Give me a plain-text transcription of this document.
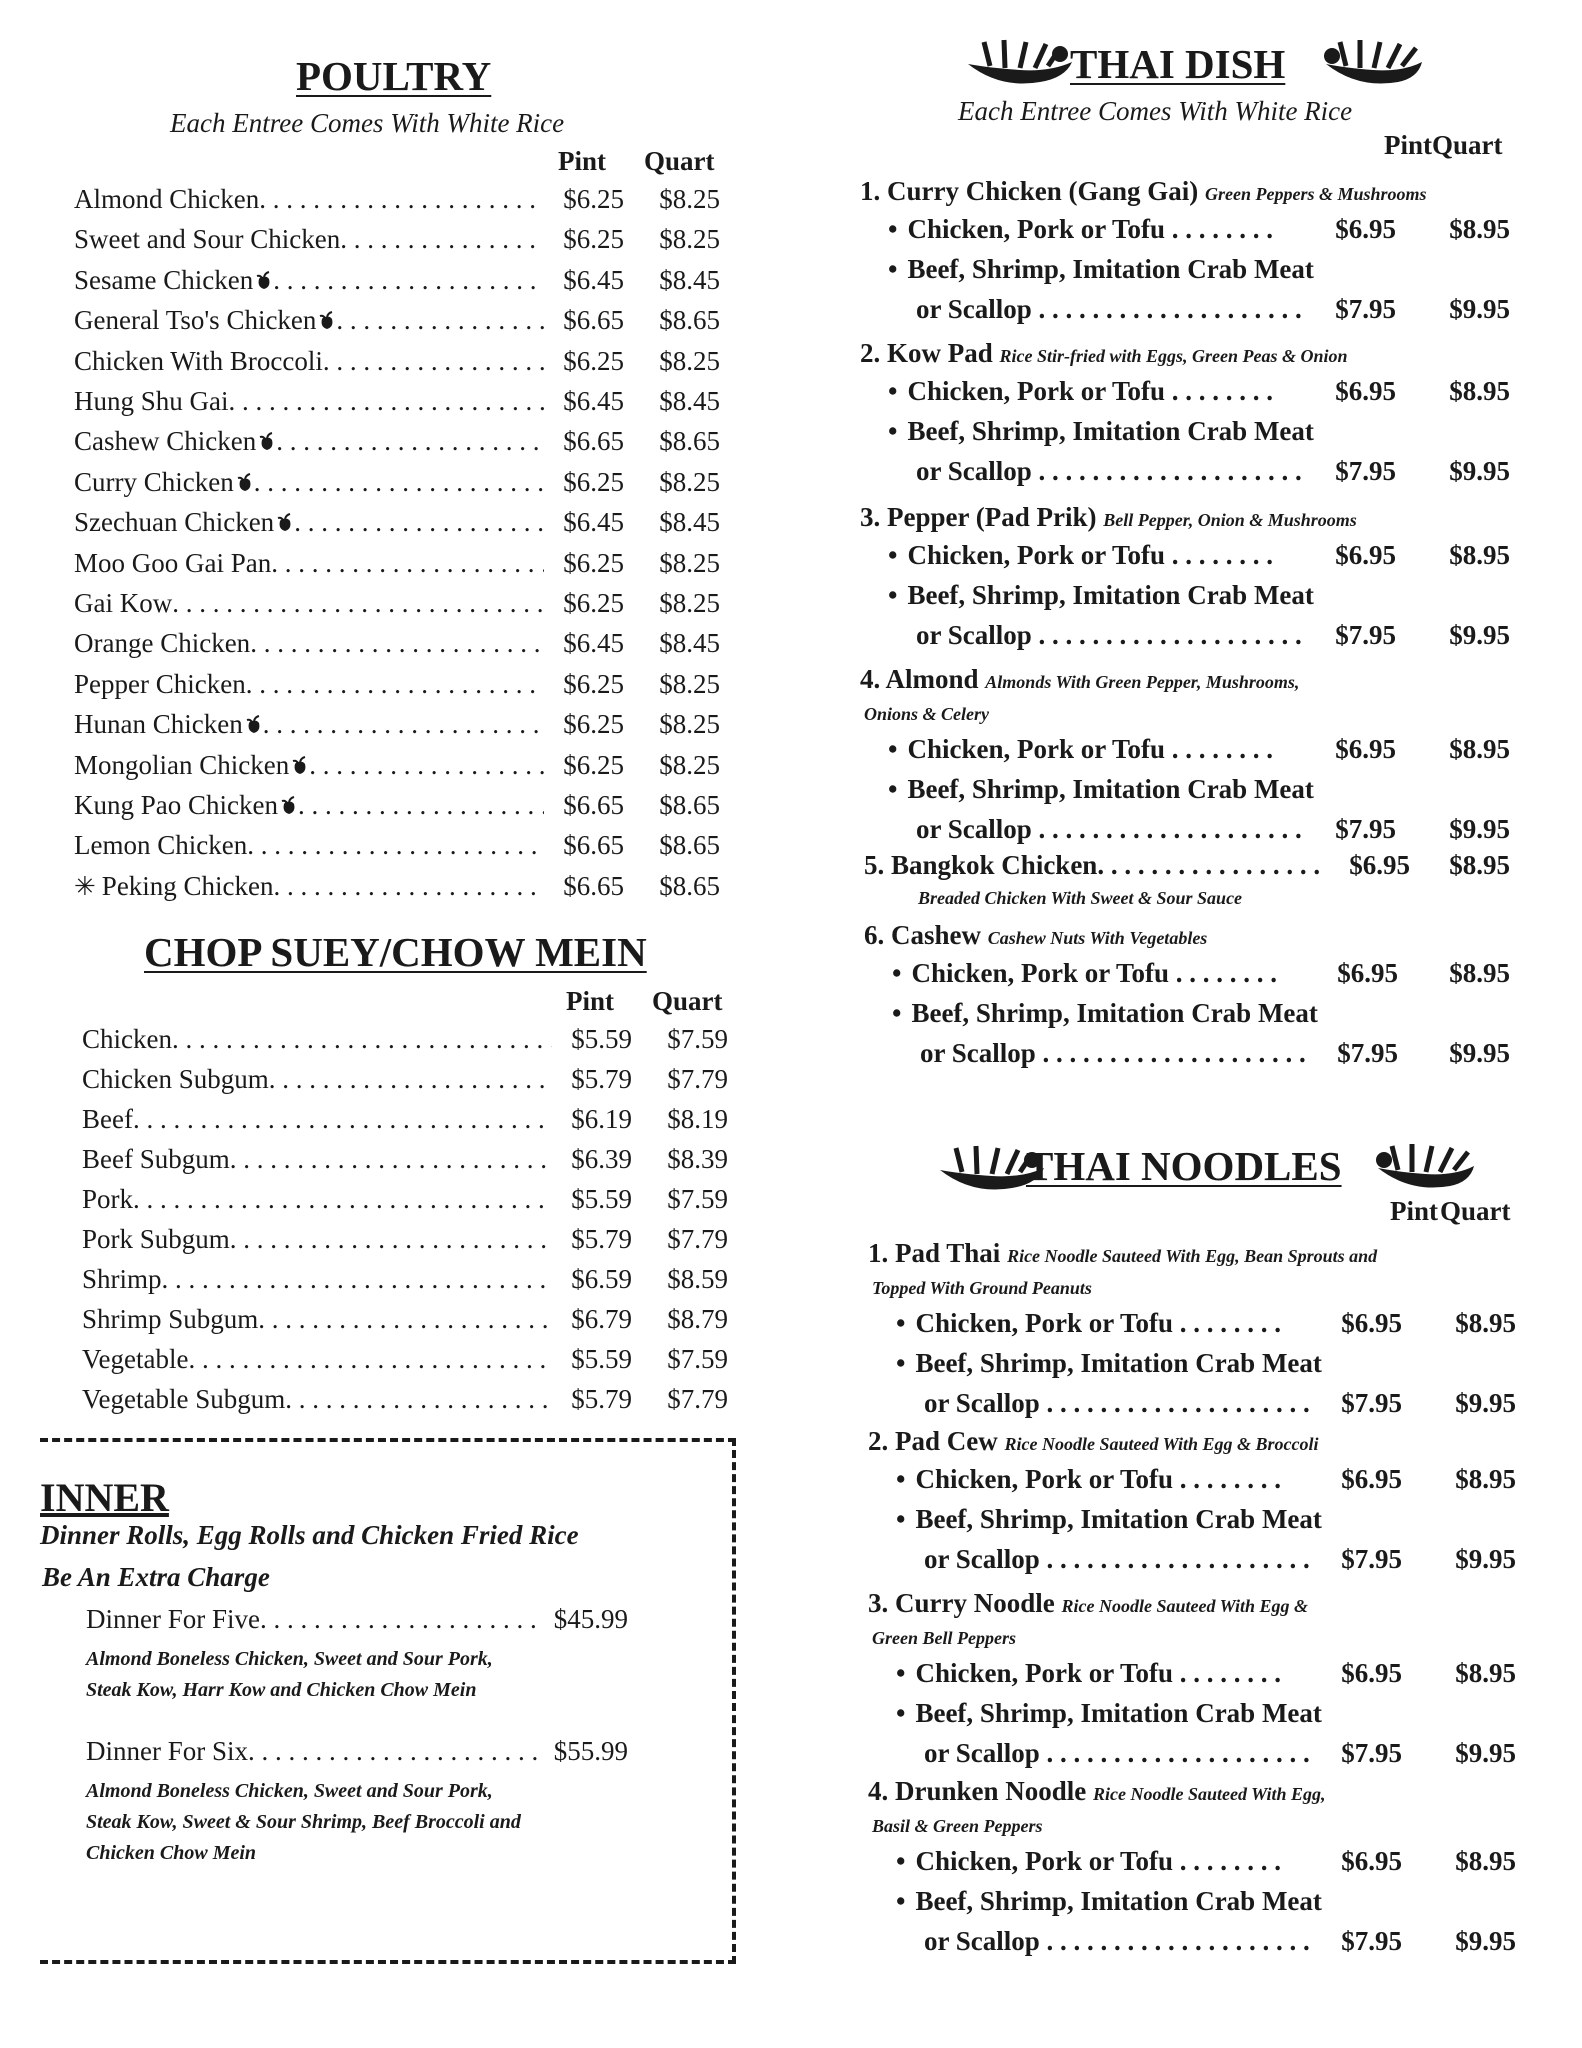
POULTRY
Each Entree Comes With White Rice
Pint Quart
Almond Chicken . . .	$6.25	$8.25
Sweet and Sour Chicken . . .	$6.25	$8.25
Sesame Chicken . . .	$6.45	$8.45
General Tso's Chicken . . .	$6.65	$8.65
Chicken With Broccoli . . .	$6.25	$8.25
Hung Shu Gai . . .	$6.45	$8.45
Cashew Chicken . . .	$6.65	$8.65
Curry Chicken . . .	$6.25	$8.25
Szechuan Chicken . . .	$6.45	$8.45
Moo Goo Gai Pan . . .	$6.25	$8.25
Gai Kow . . .	$6.25	$8.25
Orange Chicken . . .	$6.45	$8.45
Pepper Chicken . . .	$6.25	$8.25
Hunan Chicken . . .	$6.25	$8.25
Mongolian Chicken . . .	$6.25	$8.25
Kung Pao Chicken . . .	$6.65	$8.65
Lemon Chicken . . .	$6.65	$8.65
✳ Peking Chicken . . .	$6.65	$8.65
CHOP SUEY/CHOW MEIN
Pint Quart
Chicken . . .	$5.59	$7.59
Chicken Subgum . . .	$5.79	$7.79
Beef . . .	$6.19	$8.19
Beef Subgum . . .	$6.39	$8.39
Pork . . .	$5.59	$7.59
Pork Subgum . . .	$5.79	$7.79
Shrimp . . .	$6.59	$8.59
Shrimp Subgum . . .	$6.79	$8.79
Vegetable . . .	$5.59	$7.59
Vegetable Subgum . . .	$5.79	$7.79
INNER
Dinner Rolls, Egg Rolls and Chicken Fried Rice
Be An Extra Charge
Dinner For Five . . .	$45.99
Almond Boneless Chicken, Sweet and Sour Pork,
Steak Kow, Harr Kow and Chicken Chow Mein
Dinner For Six . . .	$55.99
Almond Boneless Chicken, Sweet and Sour Pork,
Steak Kow, Sweet & Sour Shrimp, Beef Broccoli and
Chicken Chow Mein
THAI DISH
Each Entree Comes With White Rice
Pint Quart
1. Curry Chicken (Gang Gai) Green Peppers & Mushrooms
• Chicken, Pork or Tofu . . . . . . . .	$6.95	$8.95
• Beef, Shrimp, Imitation Crab Meat
or Scallop . . . . . . . . . . . . . . . . . . . .	$7.95	$9.95
2. Kow Pad Rice Stir-fried with Eggs, Green Peas & Onion
• Chicken, Pork or Tofu . . . . . . . .	$6.95	$8.95
• Beef, Shrimp, Imitation Crab Meat
or Scallop . . . . . . . . . . . . . . . . . . . .	$7.95	$9.95
3. Pepper (Pad Prik) Bell Pepper, Onion & Mushrooms
• Chicken, Pork or Tofu . . . . . . . .	$6.95	$8.95
• Beef, Shrimp, Imitation Crab Meat
or Scallop . . . . . . . . . . . . . . . . . . . .	$7.95	$9.95
4. Almond Almonds With Green Pepper, Mushrooms,
Onions & Celery
• Chicken, Pork or Tofu . . . . . . . .	$6.95	$8.95
• Beef, Shrimp, Imitation Crab Meat
or Scallop . . . . . . . . . . . . . . . . . . . .	$7.95	$9.95
5. Bangkok Chicken . . .	$6.95	$8.95
Breaded Chicken With Sweet & Sour Sauce
6. Cashew Cashew Nuts With Vegetables
• Chicken, Pork or Tofu . . . . . . . .	$6.95	$8.95
• Beef, Shrimp, Imitation Crab Meat
or Scallop . . . . . . . . . . . . . . . . . . . .	$7.95	$9.95
THAI NOODLES
Pint Quart
1. Pad Thai Rice Noodle Sauteed With Egg, Bean Sprouts and
Topped With Ground Peanuts
• Chicken, Pork or Tofu . . . . . . . .	$6.95	$8.95
• Beef, Shrimp, Imitation Crab Meat
or Scallop . . . . . . . . . . . . . . . . . . . .	$7.95	$9.95
2. Pad Cew Rice Noodle Sauteed With Egg & Broccoli
• Chicken, Pork or Tofu . . . . . . . .	$6.95	$8.95
• Beef, Shrimp, Imitation Crab Meat
or Scallop . . . . . . . . . . . . . . . . . . . .	$7.95	$9.95
3. Curry Noodle Rice Noodle Sauteed With Egg &
Green Bell Peppers
• Chicken, Pork or Tofu . . . . . . . .	$6.95	$8.95
• Beef, Shrimp, Imitation Crab Meat
or Scallop . . . . . . . . . . . . . . . . . . . .	$7.95	$9.95
4. Drunken Noodle Rice Noodle Sauteed With Egg,
Basil & Green Peppers
• Chicken, Pork or Tofu . . . . . . . .	$6.95	$8.95
• Beef, Shrimp, Imitation Crab Meat
or Scallop . . . . . . . . . . . . . . . . . . . .	$7.95	$9.95
